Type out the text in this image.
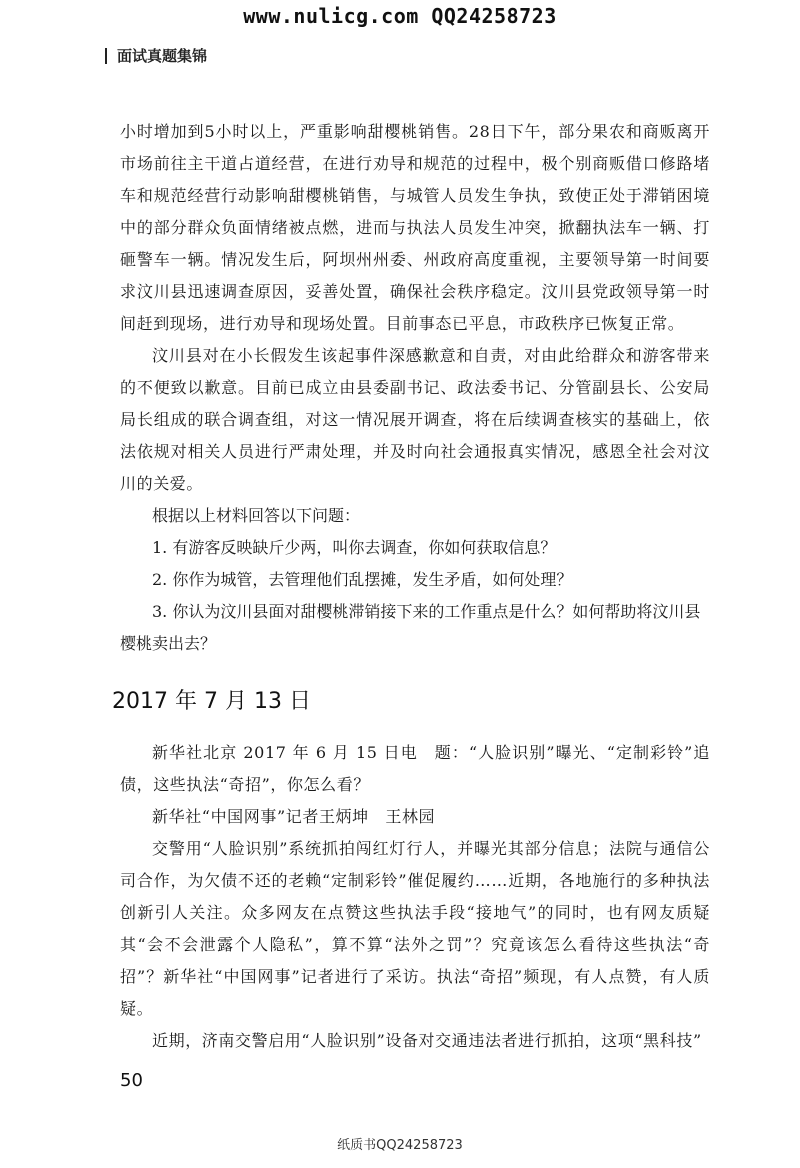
www.nulicg.com QQ24258723
面试真题集锦

小时增加到5小时以上，严重影响甜樱桃销售。28日下午，部分果农和商贩离开市场前往主干道占道经营，在进行劝导和规范的过程中，极个别商贩借口修路堵车和规范经营行动影响甜樱桃销售，与城管人员发生争执，致使正处于滞销困境中的部分群众负面情绪被点燃，进而与执法人员发生冲突，掀翻执法车一辆、打砸警车一辆。情况发生后，阿坝州州委、州政府高度重视，主要领导第一时间要求汶川县迅速调查原因，妥善处置，确保社会秩序稳定。汶川县党政领导第一时间赶到现场，进行劝导和现场处置。目前事态已平息，市政秩序已恢复正常。

汶川县对在小长假发生该起事件深感歉意和自责，对由此给群众和游客带来的不便致以歉意。目前已成立由县委副书记、政法委书记、分管副县长、公安局局长组成的联合调查组，对这一情况展开调查，将在后续调查核实的基础上，依法依规对相关人员进行严肃处理，并及时向社会通报真实情况，感恩全社会对汶川的关爱。

根据以上材料回答以下问题：

1. 有游客反映缺斤少两，叫你去调查，你如何获取信息？

2. 你作为城管，去管理他们乱摆摊，发生矛盾，如何处理？

3. 你认为汶川县面对甜樱桃滞销接下来的工作重点是什么？如何帮助将汶川县樱桃卖出去？

2017 年 7 月 13 日

新华社北京 2017 年 6 月 15 日电　题：“人脸识别”曝光、“定制彩铃”追债，这些执法“奇招”，你怎么看？

新华社“中国网事”记者王炳坤　王林园

交警用“人脸识别”系统抓拍闯红灯行人，并曝光其部分信息；法院与通信公司合作，为欠债不还的老赖“定制彩铃”催促履约……近期，各地施行的多种执法创新引人关注。众多网友在点赞这些执法手段“接地气”的同时，也有网友质疑其“会不会泄露个人隐私”，算不算“法外之罚”？究竟该怎么看待这些执法“奇招”？新华社“中国网事”记者进行了采访。执法“奇招”频现，有人点赞，有人质疑。

近期，济南交警启用“人脸识别”设备对交通违法者进行抓拍，这项“黑科技”

50
纸质书QQ24258723
